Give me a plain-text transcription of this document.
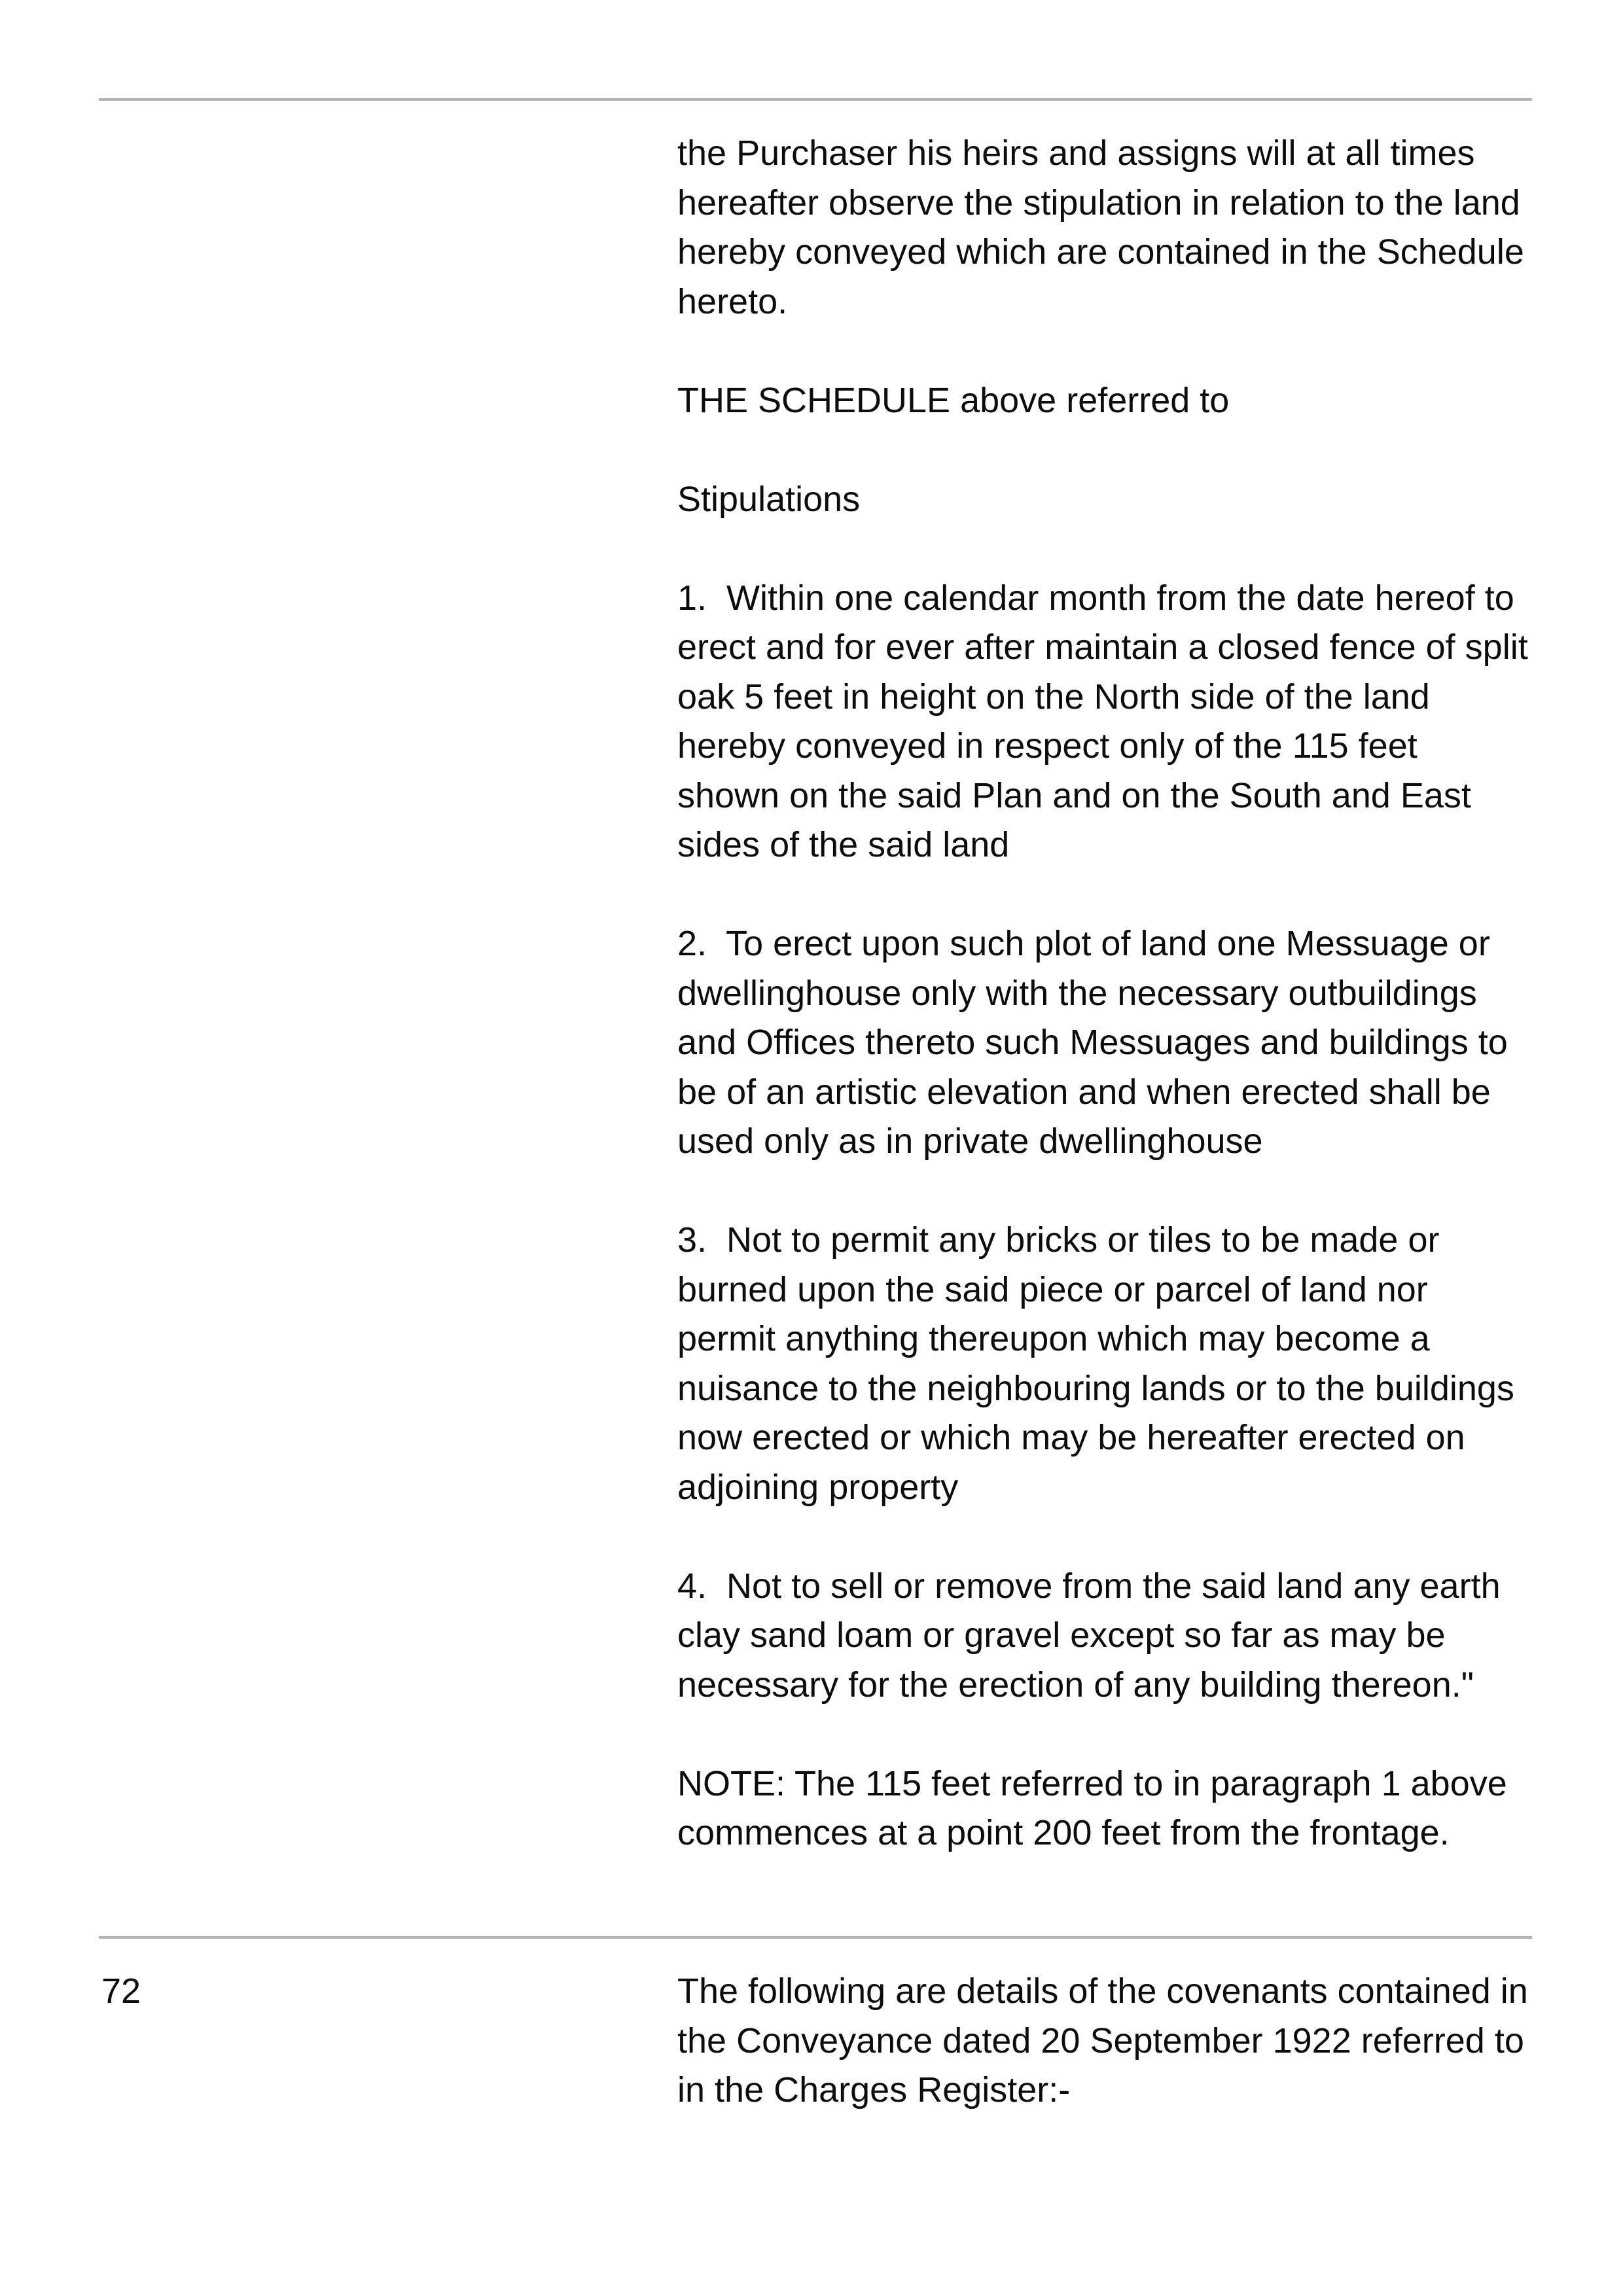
the Purchaser his heirs and assigns will at all times hereafter observe the stipulation in relation to the land hereby conveyed which are contained in the Schedule hereto.

THE SCHEDULE above referred to

Stipulations

1.  Within one calendar month from the date hereof to erect and for ever after maintain a closed fence of split oak 5 feet in height on the North side of the land hereby conveyed in respect only of the 115 feet shown on the said Plan and on the South and East sides of the said land

2.  To erect upon such plot of land one Messuage or dwellinghouse only with the necessary outbuildings and Offices thereto such Messuages and buildings to be of an artistic elevation and when erected shall be used only as in private dwellinghouse

3.  Not to permit any bricks or tiles to be made or burned upon the said piece or parcel of land nor permit anything thereupon which may become a nuisance to the neighbouring lands or to the buildings now erected or which may be hereafter erected on adjoining property

4.  Not to sell or remove from the said land any earth clay sand loam or gravel except so far as may be necessary for the erection of any building thereon."

NOTE: The 115 feet referred to in paragraph 1 above commences at a point 200 feet from the frontage.

72	The following are details of the covenants contained in the Conveyance dated 20 September 1922 referred to in the Charges Register:-
